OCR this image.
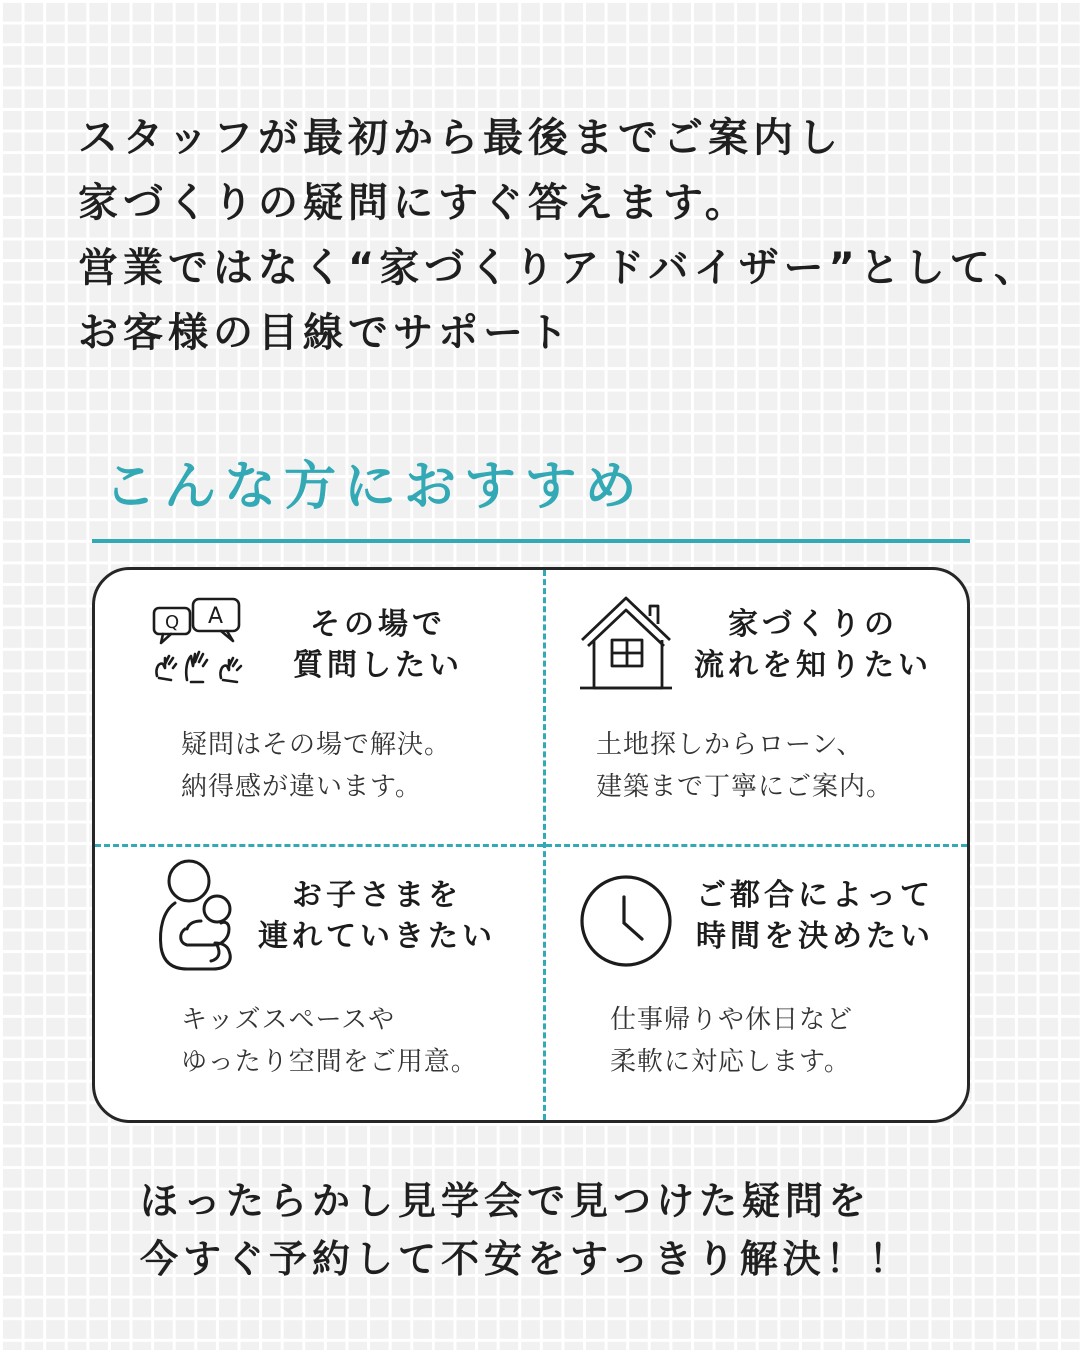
スタッフが最初から最後までご案内し
家づくりの疑問にすぐ答えます。
営業ではなく“家づくりアドバイザー”として、
お客様の目線でサポート
こんな方におすすめ
Q A	その場で
質問したい
疑問はその場で解決。
納得感が違います。
家づくりの
流れを知りたい
土地探しからローン、
建築まで丁寧にご案内。
お子さまを
連れていきたい
キッズスペースや
ゆったり空間をご用意。
ご都合によって
時間を決めたい
仕事帰りや休日など
柔軟に対応します。
ほったらかし見学会で見つけた疑問を
今すぐ予約して不安をすっきり解決！！
